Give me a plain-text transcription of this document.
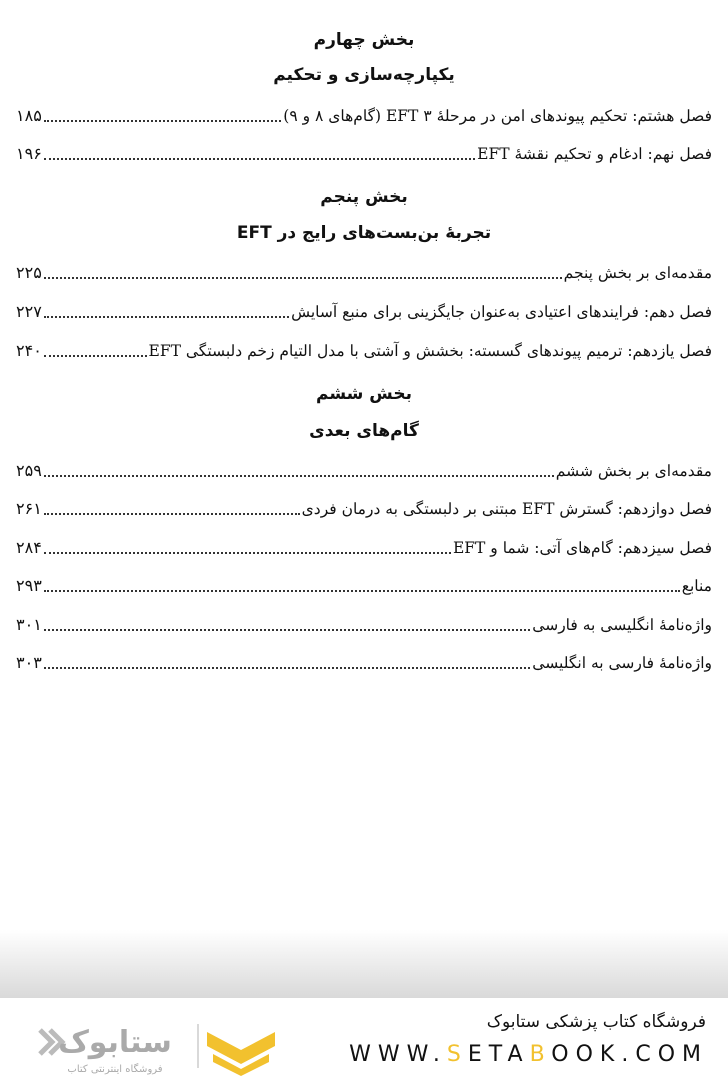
بخش چهارم
یکپارچه‌سازی و تحکیم
فصل هشتم: تحکیم پیوندهای امن در مرحلهٔ ۳ EFT (گام‌های ۸ و ۹)
۱۸۵
فصل نهم: ادغام و تحکیم نقشهٔ EFT
۱۹۶
بخش پنجم
تجربهٔ بن‌بست‌های رایج در EFT
مقدمه‌ای بر بخش پنجم
۲۲۵
فصل دهم: فرایندهای اعتیادی به‌عنوان جایگزینی برای منبع آسایش
۲۲۷
فصل یازدهم: ترمیم پیوندهای گسسته: بخشش و آشتی با مدل التیام زخم دلبستگی EFT
۲۴۰
بخش ششم
گام‌های بعدی
مقدمه‌ای بر بخش ششم
۲۵۹
فصل دوازدهم: گسترش EFT مبتنی بر دلبستگی به درمان فردی
۲۶۱
فصل سیزدهم: گام‌های آتی: شما و EFT
۲۸۴
منابع
۲۹۳
واژه‌نامهٔ انگلیسی به فارسی
۳۰۱
واژه‌نامهٔ فارسی به انگلیسی
۳۰۳
ستابوک
فروشگاه اینترنتی کتاب
فروشگاه کتاب پزشکی ستابوک
WWW.SETABOOK.COM
